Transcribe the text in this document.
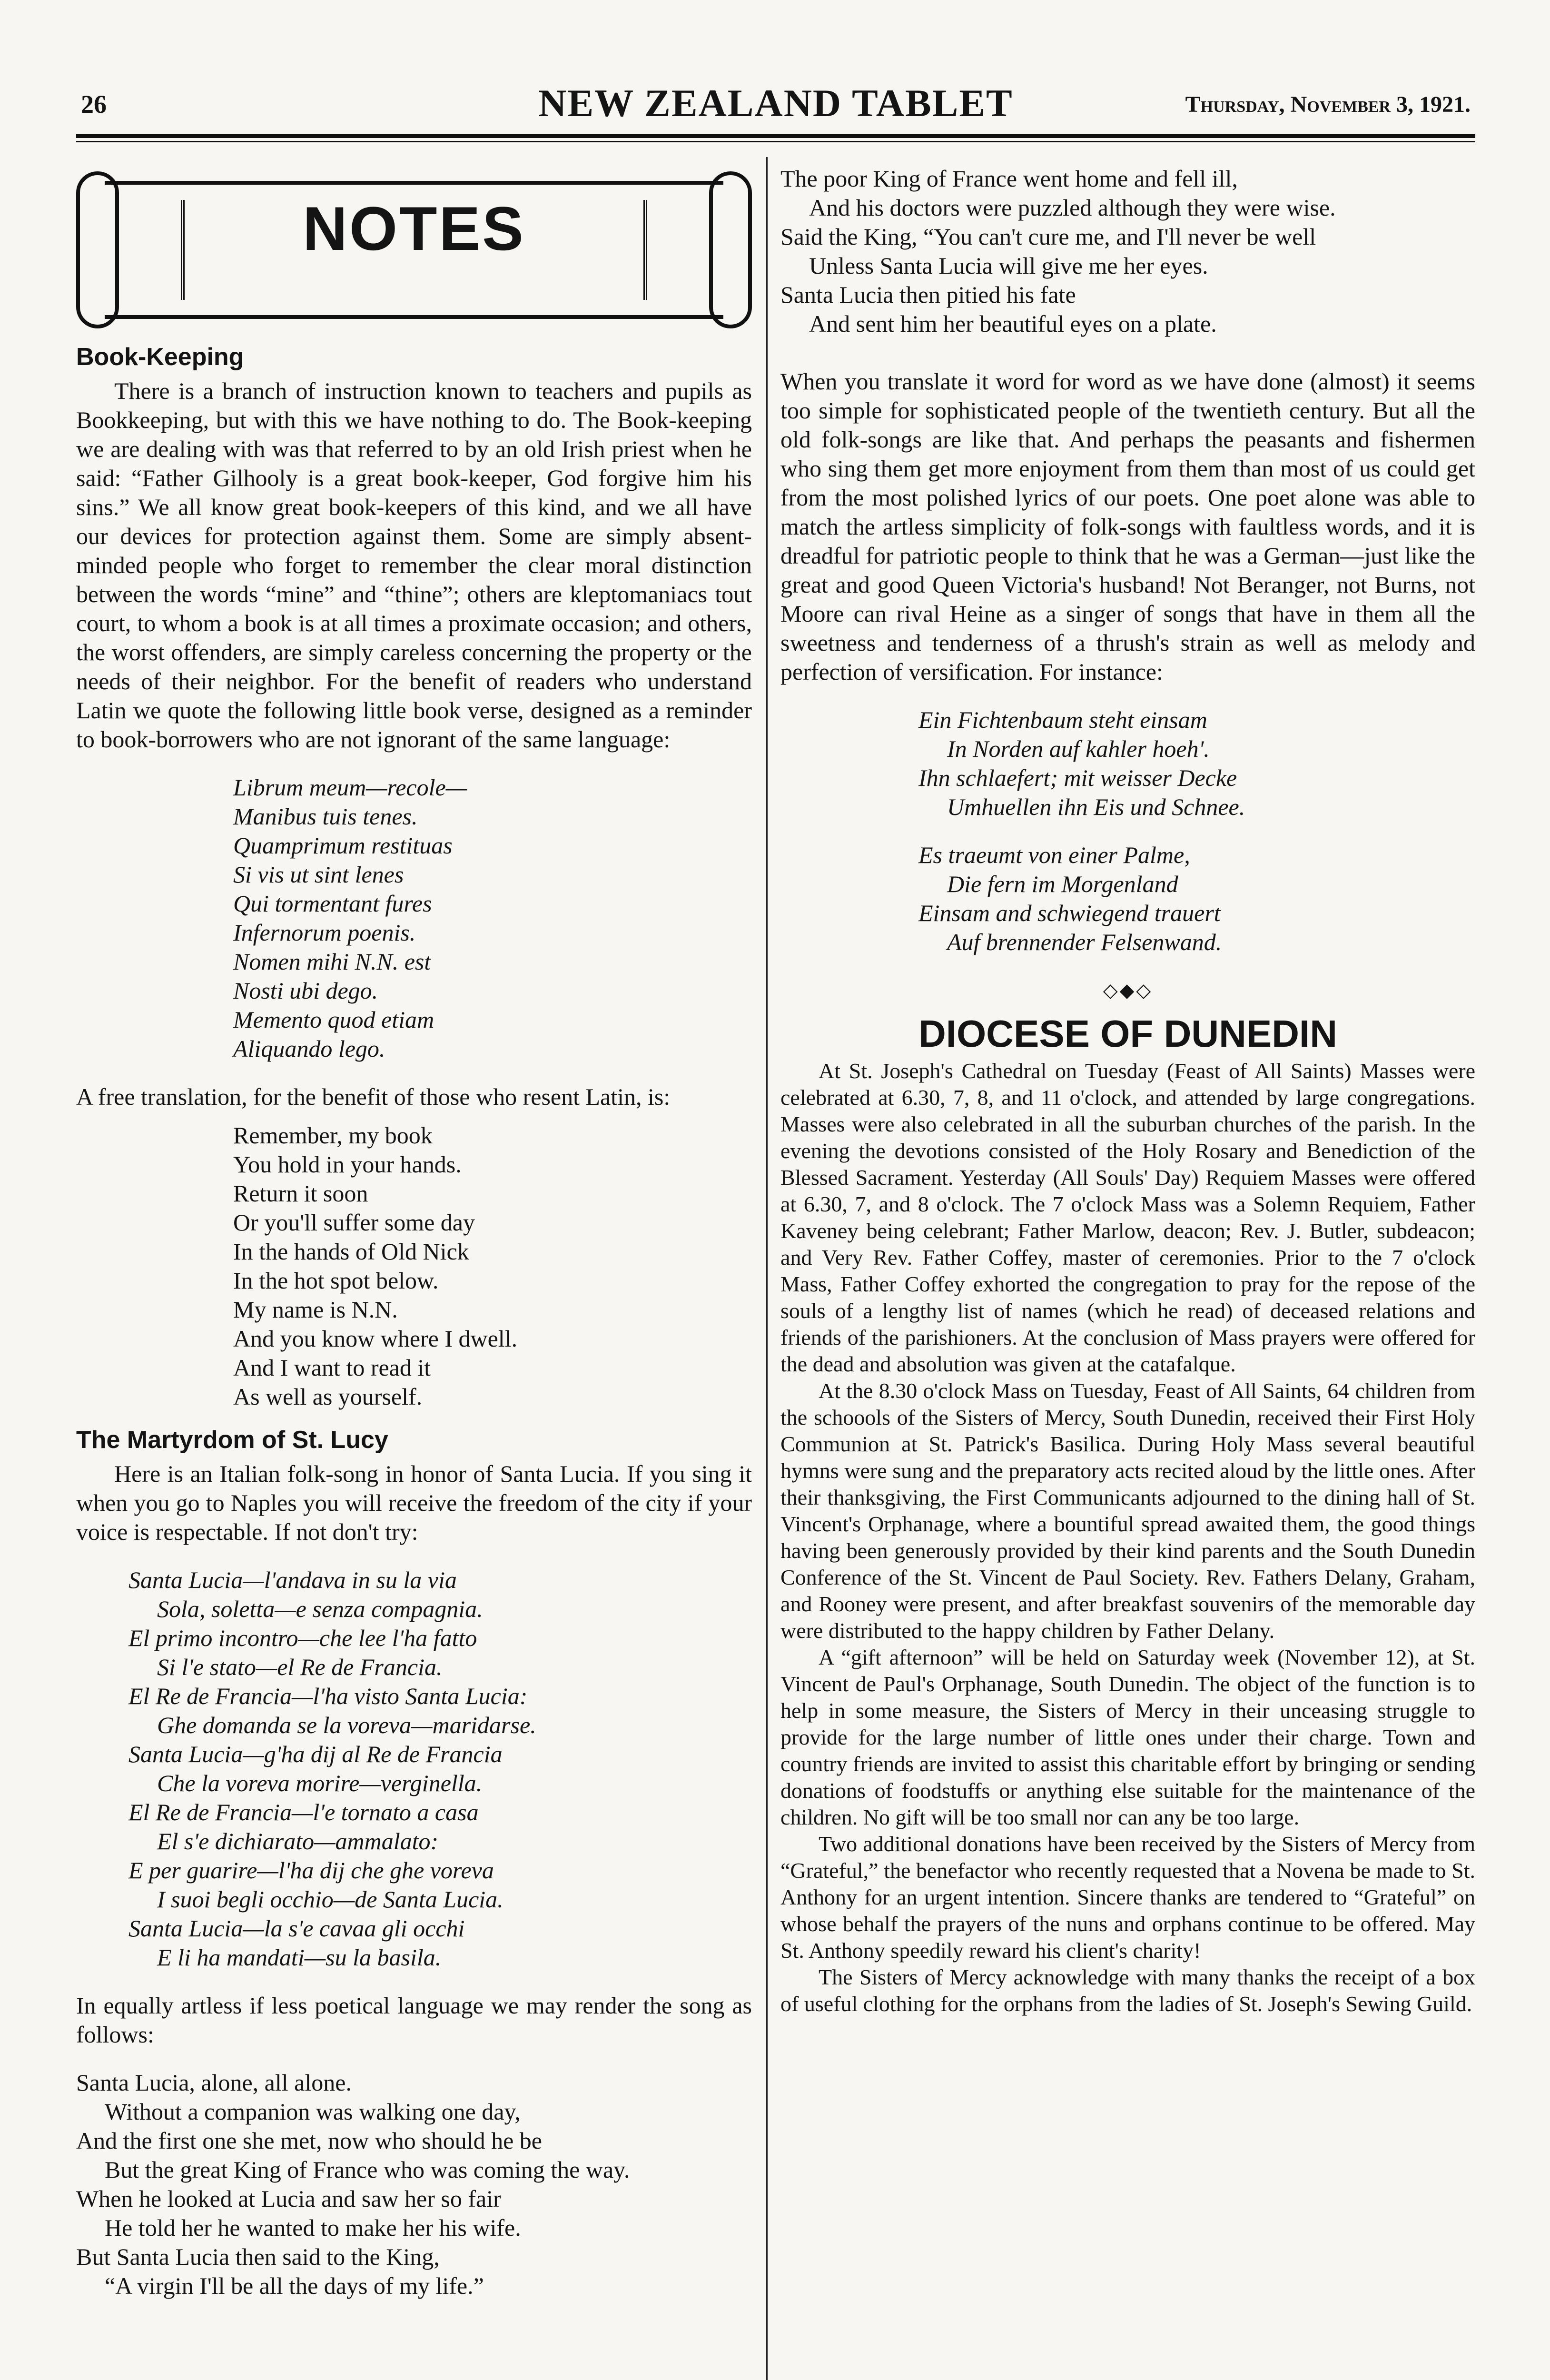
26	NEW ZEALAND TABLET	Thursday, November 3, 1921.
NOTES
Book-Keeping

There is a branch of instruction known to teachers and pupils as Bookkeeping, but with this we have nothing to do. The Book-keeping we are dealing with was that referred to by an old Irish priest when he said: “Father Gilhooly is a great book-keeper, God forgive him his sins.” We all know great book-keepers of this kind, and we all have our devices for protection against them. Some are simply absent-minded people who forget to remember the clear moral distinction between the words “mine” and “thine”; others are kleptomaniacs tout court, to whom a book is at all times a proximate occasion; and others, the worst offenders, are simply careless concerning the property or the needs of their neighbor. For the benefit of readers who understand Latin we quote the following little book verse, designed as a reminder to book-borrowers who are not ignorant of the same language:

Librum meum—recole—
Manibus tuis tenes.
Quamprimum restituas
Si vis ut sint lenes
Qui tormentant fures
Infernorum poenis.
Nomen mihi N.N. est
Nosti ubi dego.
Memento quod etiam
Aliquando lego.

A free translation, for the benefit of those who resent Latin, is:

Remember, my book
You hold in your hands.
Return it soon
Or you'll suffer some day
In the hands of Old Nick
In the hot spot below.
My name is N.N.
And you know where I dwell.
And I want to read it
As well as yourself.
The Martyrdom of St. Lucy

Here is an Italian folk-song in honor of Santa Lucia. If you sing it when you go to Naples you will receive the freedom of the city if your voice is respectable. If not don't try:

Santa Lucia—l'andava in su la via
Sola, soletta—e senza compagnia.
El primo incontro—che lee l'ha fatto
Si l'e stato—el Re de Francia.
El Re de Francia—l'ha visto Santa Lucia:
Ghe domanda se la voreva—maridarse.
Santa Lucia—g'ha dij al Re de Francia
Che la voreva morire—verginella.
El Re de Francia—l'e tornato a casa
El s'e dichiarato—ammalato:
E per guarire—l'ha dij che ghe voreva
I suoi begli occhio—de Santa Lucia.
Santa Lucia—la s'e cavaa gli occhi
E li ha mandati—su la basila.

In equally artless if less poetical language we may render the song as follows:

Santa Lucia, alone, all alone.
Without a companion was walking one day,
And the first one she met, now who should he be
But the great King of France who was coming the way.
When he looked at Lucia and saw her so fair
He told her he wanted to make her his wife.
But Santa Lucia then said to the King,
“A virgin I'll be all the days of my life.”
The poor King of France went home and fell ill,
And his doctors were puzzled although they were wise.
Said the King, “You can't cure me, and I'll never be well
Unless Santa Lucia will give me her eyes.
Santa Lucia then pitied his fate
And sent him her beautiful eyes on a plate.

When you translate it word for word as we have done (almost) it seems too simple for sophisticated people of the twentieth century. But all the old folk-songs are like that. And perhaps the peasants and fishermen who sing them get more enjoyment from them than most of us could get from the most polished lyrics of our poets. One poet alone was able to match the artless simplicity of folk-songs with faultless words, and it is dreadful for patriotic people to think that he was a German—just like the great and good Queen Victoria's husband! Not Beranger, not Burns, not Moore can rival Heine as a singer of songs that have in them all the sweetness and tenderness of a thrush's strain as well as melody and perfection of versification. For instance:

Ein Fichtenbaum steht einsam
In Norden auf kahler hoeh'.
Ihn schlaefert; mit weisser Decke
Umhuellen ihn Eis und Schnee.
Es traeumt von einer Palme,
Die fern im Morgenland
Einsam and schwiegend trauert
Auf brennender Felsenwand.
◇◆◇
DIOCESE OF DUNEDIN

At St. Joseph's Cathedral on Tuesday (Feast of All Saints) Masses were celebrated at 6.30, 7, 8, and 11 o'clock, and attended by large congregations. Masses were also celebrated in all the suburban churches of the parish. In the evening the devotions consisted of the Holy Rosary and Benediction of the Blessed Sacrament. Yesterday (All Souls' Day) Requiem Masses were offered at 6.30, 7, and 8 o'clock. The 7 o'clock Mass was a Solemn Requiem, Father Kaveney being celebrant; Father Marlow, deacon; Rev. J. Butler, subdeacon; and Very Rev. Father Coffey, master of ceremonies. Prior to the 7 o'clock Mass, Father Coffey exhorted the congregation to pray for the repose of the souls of a lengthy list of names (which he read) of deceased relations and friends of the parishioners. At the conclusion of Mass prayers were offered for the dead and absolution was given at the catafalque.

At the 8.30 o'clock Mass on Tuesday, Feast of All Saints, 64 children from the schoools of the Sisters of Mercy, South Dunedin, received their First Holy Communion at St. Patrick's Basilica. During Holy Mass several beautiful hymns were sung and the preparatory acts recited aloud by the little ones. After their thanksgiving, the First Communicants adjourned to the dining hall of St. Vincent's Orphanage, where a bountiful spread awaited them, the good things having been generously provided by their kind parents and the South Dunedin Conference of the St. Vincent de Paul Society. Rev. Fathers Delany, Graham, and Rooney were present, and after breakfast souvenirs of the memorable day were distributed to the happy children by Father Delany.

A “gift afternoon” will be held on Saturday week (November 12), at St. Vincent de Paul's Orphanage, South Dunedin. The object of the function is to help in some measure, the Sisters of Mercy in their unceasing struggle to provide for the large number of little ones under their charge. Town and country friends are invited to assist this charitable effort by bringing or sending donations of foodstuffs or anything else suitable for the maintenance of the children. No gift will be too small nor can any be too large.

Two additional donations have been received by the Sisters of Mercy from “Grateful,” the benefactor who recently requested that a Novena be made to St. Anthony for an urgent intention. Sincere thanks are tendered to “Grateful” on whose behalf the prayers of the nuns and orphans continue to be offered. May St. Anthony speedily reward his client's charity!

The Sisters of Mercy acknowledge with many thanks the receipt of a box of useful clothing for the orphans from the ladies of St. Joseph's Sewing Guild.
